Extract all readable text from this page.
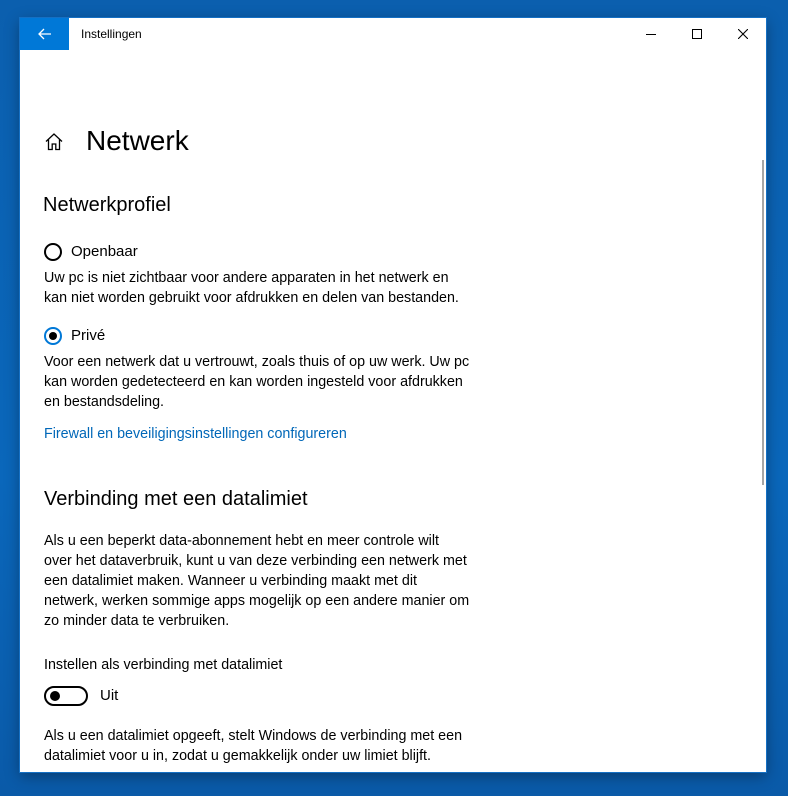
Instellingen
Netwerk
Netwerkprofiel
Openbaar

Uw pc is niet zichtbaar voor andere apparaten in het netwerk en
kan niet worden gebruikt voor afdrukken en delen van bestanden.

Privé

Voor een netwerk dat u vertrouwt, zoals thuis of op uw werk. Uw pc
kan worden gedetecteerd en kan worden ingesteld voor afdrukken
en bestandsdeling.

Firewall en beveiligingsinstellingen configureren
Verbinding met een datalimiet

Als u een beperkt data-abonnement hebt en meer controle wilt
over het dataverbruik, kunt u van deze verbinding een netwerk met
een datalimiet maken. Wanneer u verbinding maakt met dit
netwerk, werken sommige apps mogelijk op een andere manier om
zo minder data te verbruiken.

Instellen als verbinding met datalimiet
Uit

Als u een datalimiet opgeeft, stelt Windows de verbinding met een
datalimiet voor u in, zodat u gemakkelijk onder uw limiet blijft.
